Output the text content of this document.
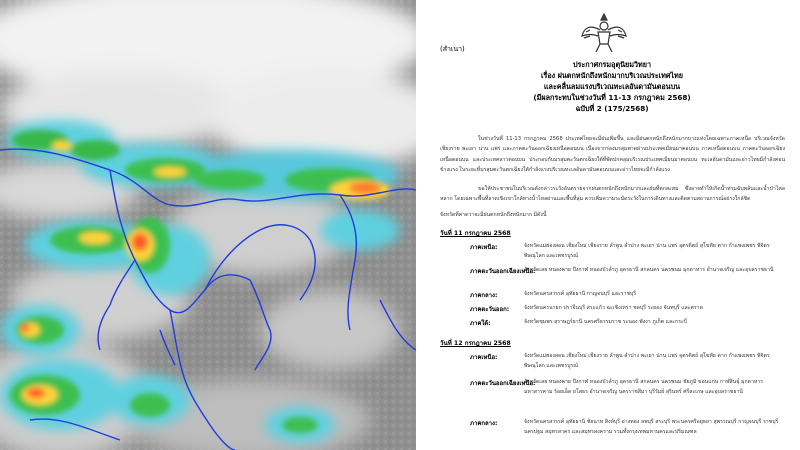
(สำเนา)
ประกาศกรมอุตุนิยมวิทยา
เรื่อง ฝนตกหนักถึงหนักมากบริเวณประเทศไทย
และคลื่นลมแรงบริเวณทะเลอันดามันตอนบน
(มีผลกระทบในช่วงวันที่ 11-13 กรกฎาคม 2568)
ฉบับที่ 2 (175/2568)
ในช่วงวันที่ 11-13 กรกฎาคม 2568 ประเทศไทยจะมีฝนเพิ่มขึ้น และมีฝนตกหนักถึงหนักมากบางแห่งโดยเฉพาะภาคเหนือ บริเวณจังหวัดเชียงราย พะเยา น่าน แพร่ และภาคตะวันออกเฉียงเหนือตอนบน เนื่องจากร่องมรสุมพาดผ่านประเทศเมียนมาตอนบน ภาคเหนือตอนบน ภาคตะวันออกเฉียงเหนือตอนบน และประเทศลาวตอนบน ประกอบกับมรสุมตะวันตกเฉียงใต้ที่พัดปกคลุมบริเวณประเทศเมียนมาตอนบน ทะเลอันดามันและอ่าวไทยมีกำลังค่อนข้างแรง ในระยะที่มรสุมตะวันตกเฉียงใต้กำลังแรงบริเวณทะเลอันดามันตอนบนและอ่าวไทยจะมีกำลังแรง
ขอให้ประชาชนในบริเวณดังกล่าวระวังอันตรายจากฝนตกหนักถึงหนักมากและฝนที่ตกสะสม ซึ่งอาจทำให้เกิดน้ำท่วมฉับพลันและน้ำป่าไหลหลาก โดยเฉพาะพื้นที่ลาดเชิงเขาใกล้ทางน้ำไหลผ่านและพื้นที่ลุ่ม ควรเพิ่มความระมัดระวังในการเดินทางและติดตามสถานการณ์อย่างใกล้ชิด
จังหวัดที่คาดว่าจะมีฝนตกหนักถึงหนักมาก มีดังนี้
วันที่ 11 กรกฎาคม 2568
ภาคเหนือ:	จังหวัดแม่ฮ่องสอน เชียงใหม่ เชียงราย ลำพูน ลำปาง พะเยา น่าน แพร่ อุตรดิตถ์ สุโขทัย ตาก กำแพงเพชร พิจิตร พิษณุโลก และเพชรบูรณ์
ภาคตะวันออกเฉียงเหนือ:
จังหวัดเลย หนองคาย บึงกาฬ หนองบัวลำภู อุดรธานี สกลนคร นครพนม มุกดาหาร อำนาจเจริญ และอุบลราชธานี
ภาคกลาง:	จังหวัดนครสวรรค์ อุทัยธานี กาญจนบุรี และราชบุรี
ภาคตะวันออก:	จังหวัดนครนายก ปราจีนบุรี สระแก้ว ฉะเชิงเทรา ชลบุรี ระยอง จันทบุรี และตราด
ภาคใต้:	จังหวัดชุมพร สุราษฎร์ธานี นครศรีธรรมราช ระนอง พังงา ภูเก็ต และกระบี่
วันที่ 12 กรกฎาคม 2568
ภาคเหนือ:	จังหวัดแม่ฮ่องสอน เชียงใหม่ เชียงราย ลำพูน ลำปาง พะเยา น่าน แพร่ อุตรดิตถ์ สุโขทัย ตาก กำแพงเพชร พิจิตร พิษณุโลก และเพชรบูรณ์
ภาคตะวันออกเฉียงเหนือ:
จังหวัดเลย หนองคาย บึงกาฬ หนองบัวลำภู อุดรธานี สกลนคร นครพนม ชัยภูมิ ขอนแก่น กาฬสินธุ์ มุกดาหาร มหาสารคาม ร้อยเอ็ด ยโสธร อำนาจเจริญ นครราชสีมา บุรีรัมย์ สุรินทร์ ศรีสะเกษ และอุบลราชธานี
ภาคกลาง:	จังหวัดนครสวรรค์ อุทัยธานี ชัยนาท สิงห์บุรี อ่างทอง ลพบุรี สระบุรี พระนครศรีอยุธยา สุพรรณบุรี กาญจนบุรี ราชบุรี นครปฐม สมุทรสาคร และสมุทรสงคราม รวมทั้งกรุงเทพมหานครและปริมณฑล
